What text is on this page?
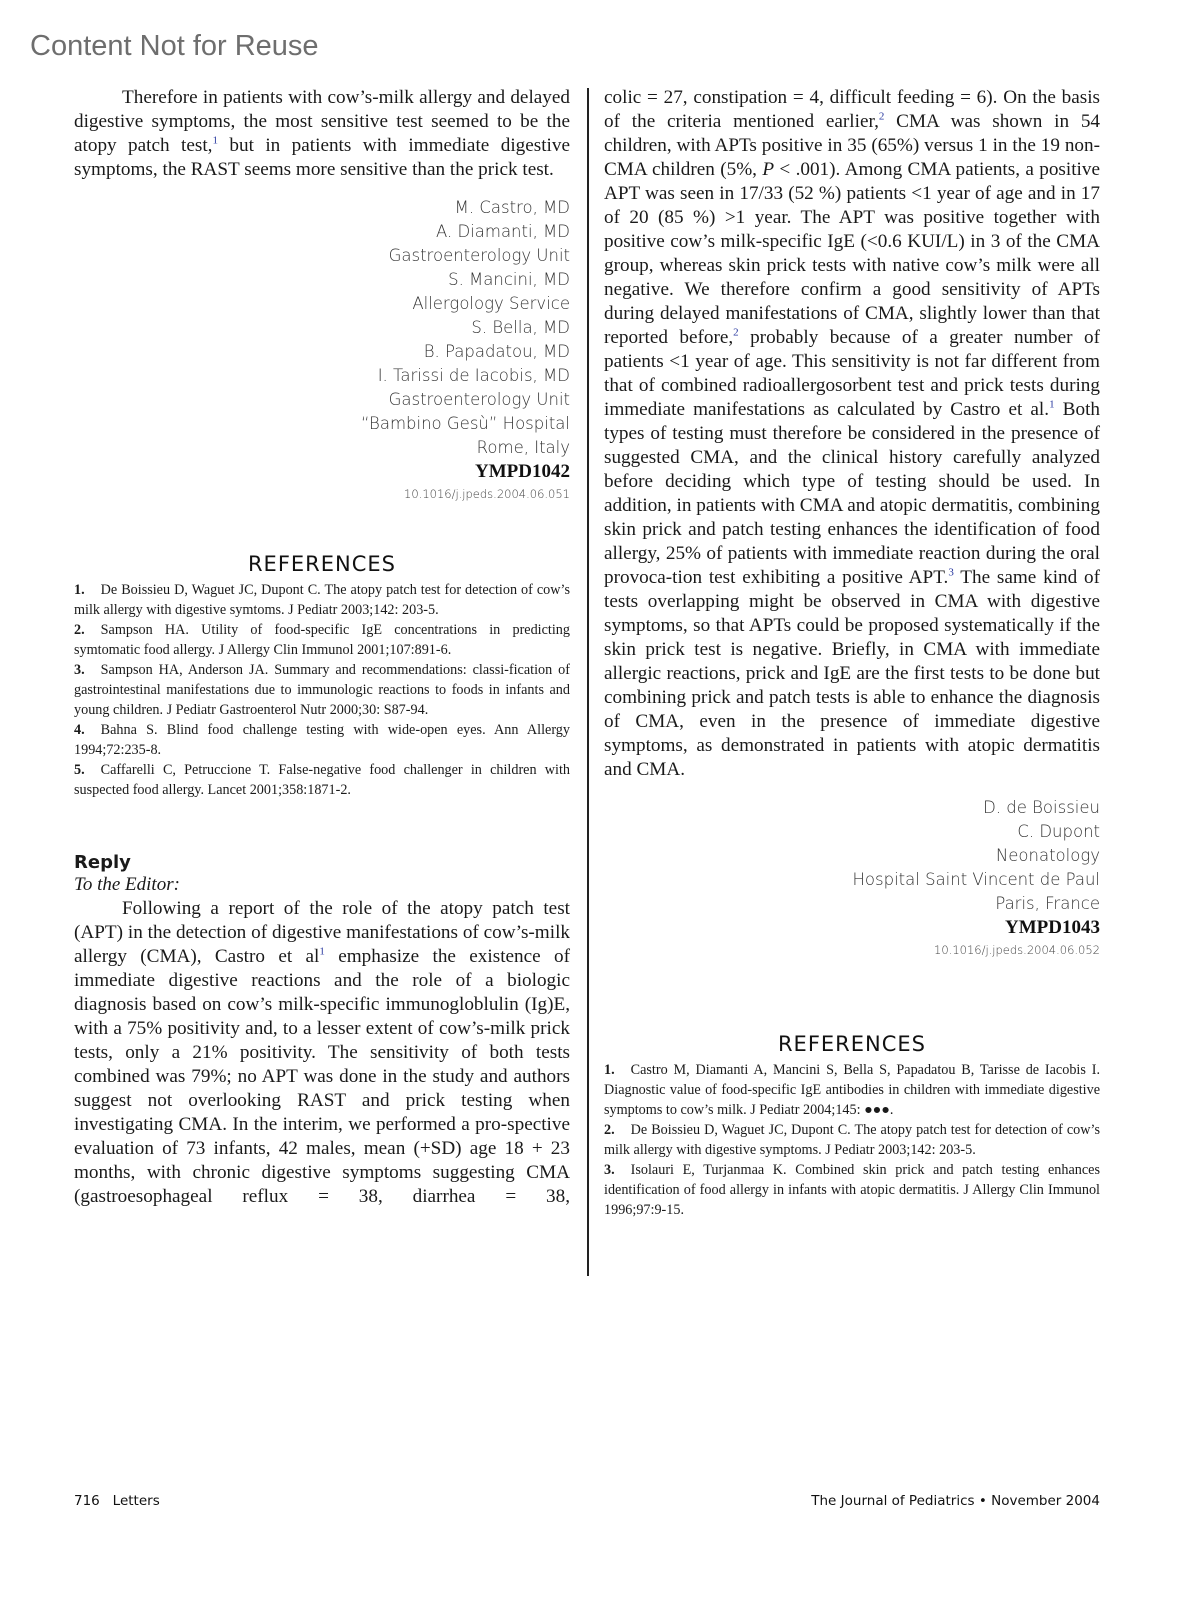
Content Not for Reuse

Therefore in patients with cow’s-milk allergy and delayed digestive symptoms, the most sensitive test seemed to be the atopy patch test,$^1$ but in patients with immediate digestive symptoms, the RAST seems more sensitive than the prick test.

M. Castro, MD
A. Diamanti, MD
Gastroenterology Unit
S. Mancini, MD
Allergology Service
S. Bella, MD
B. Papadatou, MD
I. Tarissi de Iacobis, MD
Gastroenterology Unit
“Bambino Gesù” Hospital
Rome, Italy
YMPD1042
10.1016/j.jpeds.2004.06.051
REFERENCES
1. De Boissieu D, Waguet JC, Dupont C. The atopy patch test for detection of cow’s milk allergy with digestive symtoms. J Pediatr 2003;142: 203-5.
2. Sampson HA. Utility of food-specific IgE concentrations in predicting symtomatic food allergy. J Allergy Clin Immunol 2001;107:891-6.
3. Sampson HA, Anderson JA. Summary and recommendations: classi-fication of gastrointestinal manifestations due to immunologic reactions to foods in infants and young children. J Pediatr Gastroenterol Nutr 2000;30: S87-94.
4. Bahna S. Blind food challenge testing with wide-open eyes. Ann Allergy 1994;72:235-8.
5. Caffarelli C, Petruccione T. False-negative food challenger in children with suspected food allergy. Lancet 2001;358:1871-2.
Reply
To the Editor:

Following a report of the role of the atopy patch test (APT) in the detection of digestive manifestations of cow’s-milk allergy (CMA), Castro et $al^1$ emphasize the existence of immediate digestive reactions and the role of a biologic diagnosis based on cow’s milk-specific immunogloblulin (Ig)E, with a 75% positivity and, to a lesser extent of cow’s-milk prick tests, only a 21% positivity. The sensitivity of both tests combined was 79%; no APT was done in the study and authors suggest not overlooking RAST and prick testing when investigating CMA. In the interim, we performed a pro-spective evaluation of 73 infants, 42 males, mean (+SD) age 18 + 23 months, with chronic digestive symptoms suggesting CMA (gastroesophageal reflux = 38, diarrhea = 38,

colic = 27, constipation = 4, difficult feeding = 6). On the basis of the criteria mentioned earlier,$^2$ CMA was shown in 54 children, with APTs positive in 35 (65%) versus 1 in the 19 non-CMA children (5%, P < .001). Among CMA patients, a positive APT was seen in 17/33 (52 %) patients <1 year of age and in 17 of 20 (85 %) >1 year. The APT was positive together with positive cow’s milk-specific IgE (<0.6 KUI/L) in 3 of the CMA group, whereas skin prick tests with native cow’s milk were all negative. We therefore confirm a good sensitivity of APTs during delayed manifestations of CMA, slightly lower than that reported before,$^2$ probably because of a greater number of patients <1 year of age. This sensitivity is not far different from that of combined radioallergosorbent test and prick tests during immediate manifestations as calculated by Castro et al.$^1$ Both types of testing must therefore be considered in the presence of suggested CMA, and the clinical history carefully analyzed before deciding which type of testing should be used. In addition, in patients with CMA and atopic dermatitis, combining skin prick and patch testing enhances the identification of food allergy, 25% of patients with immediate reaction during the oral provoca-tion test exhibiting a positive APT.$^3$ The same kind of tests overlapping might be observed in CMA with digestive symptoms, so that APTs could be proposed systematically if the skin prick test is negative. Briefly, in CMA with immediate allergic reactions, prick and IgE are the first tests to be done but combining prick and patch tests is able to enhance the diagnosis of CMA, even in the presence of immediate digestive symptoms, as demonstrated in patients with atopic dermatitis and CMA.

D. de Boissieu
C. Dupont
Neonatology
Hospital Saint Vincent de Paul
Paris, France
YMPD1043
10.1016/j.jpeds.2004.06.052
REFERENCES
1. Castro M, Diamanti A, Mancini S, Bella S, Papadatou B, Tarisse de Iacobis I. Diagnostic value of food-specific IgE antibodies in children with immediate digestive symptoms to cow’s milk. J Pediatr 2004;145: ●●●.
2. De Boissieu D, Waguet JC, Dupont C. The atopy patch test for detection of cow’s milk allergy with digestive symptoms. J Pediatr 2003;142: 203-5.
3. Isolauri E, Turjanmaa K. Combined skin prick and patch testing enhances identification of food allergy in infants with atopic dermatitis. J Allergy Clin Immunol 1996;97:9-15.
716 Letters	The Journal of Pediatrics • November 2004
